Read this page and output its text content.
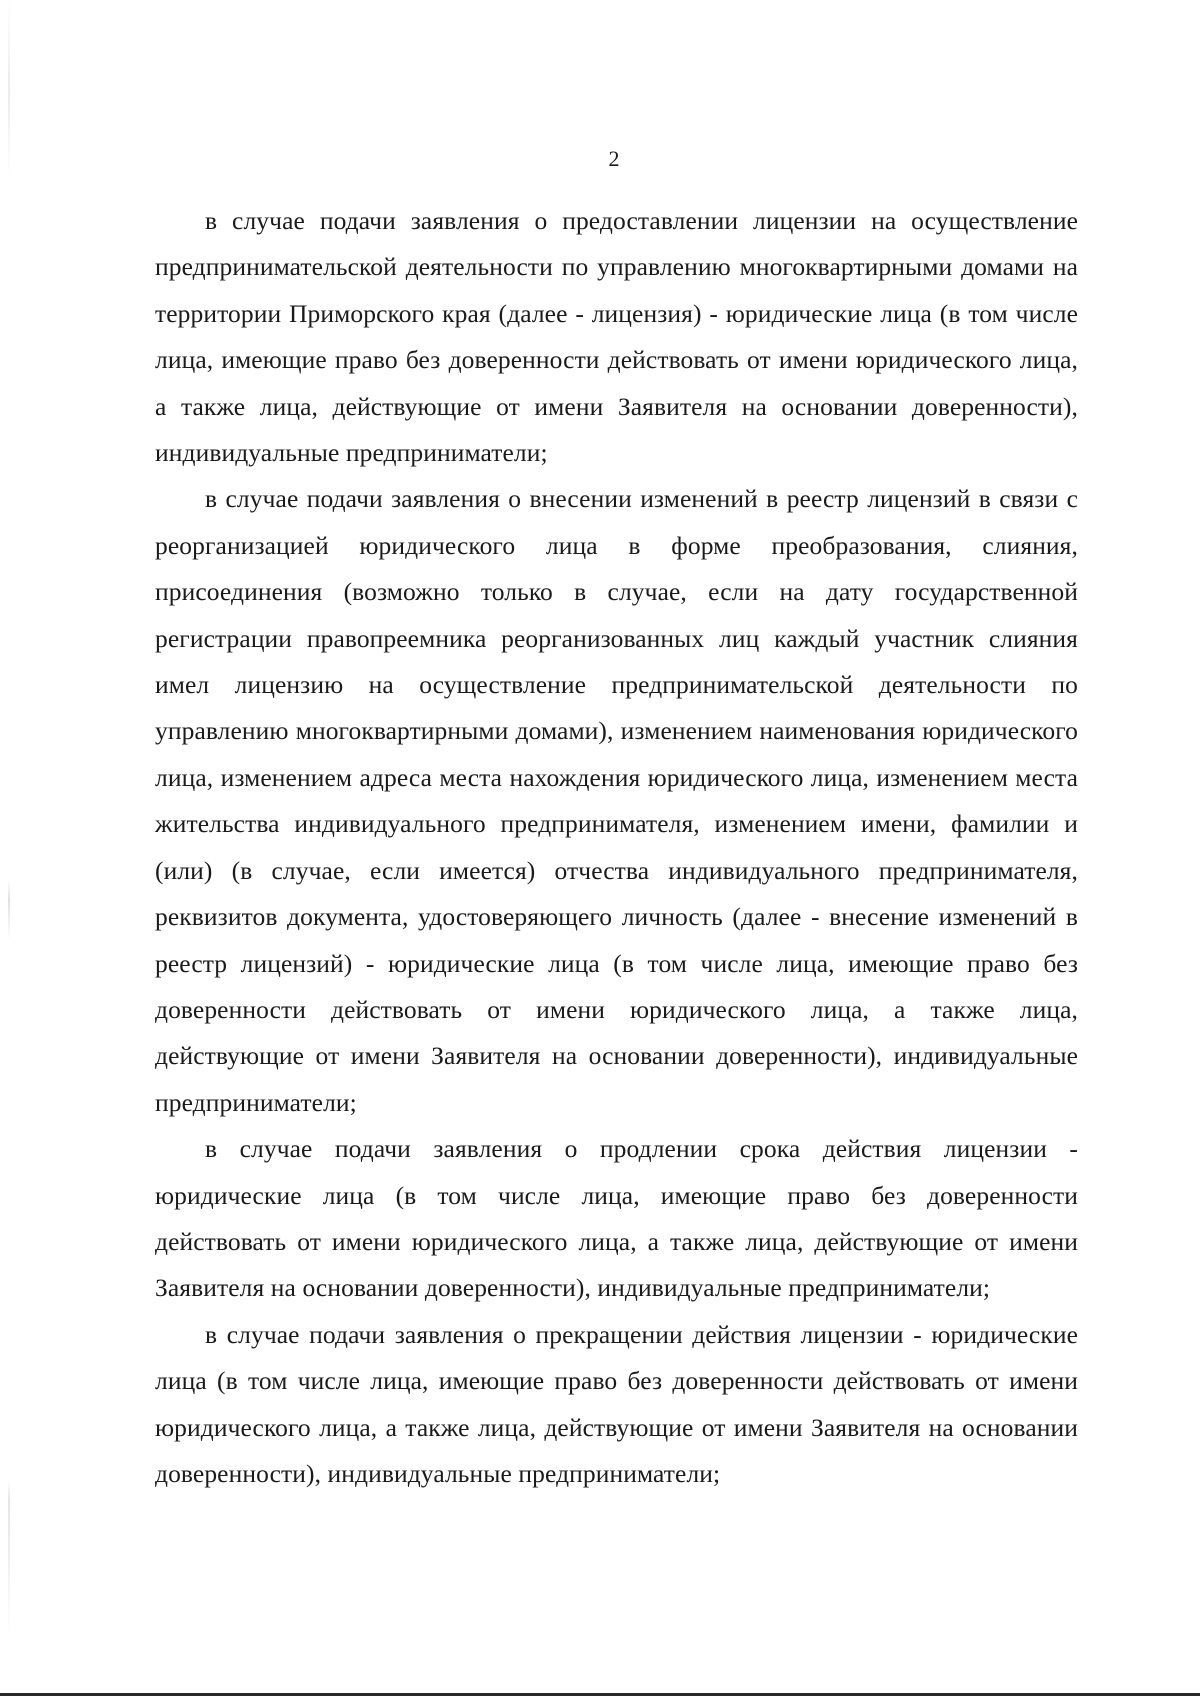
2

в случае подачи заявления о предоставлении лицензии на осуществление предпринимательской деятельности по управлению многоквартирными домами на территории Приморского края (далее - лицензия) - юридические лица (в том числе лица, имеющие право без доверенности действовать от имени юридического лица, а также лица, действующие от имени Заявителя на основании доверенности), индивидуальные предприниматели;

в случае подачи заявления о внесении изменений в реестр лицензий в связи с реорганизацией юридического лица в форме преобразования, слияния, присоединения (возможно только в случае, если на дату государственной регистрации правопреемника реорганизованных лиц каждый участник слияния имел лицензию на осуществление предпринимательской деятельности по управлению многоквартирными домами), изменением наименования юридического лица, изменением адреса места нахождения юридического лица, изменением места жительства индивидуального предпринимателя, изменением имени, фамилии и (или) (в случае, если имеется) отчества индивидуального предпринимателя, реквизитов документа, удостоверяющего личность (далее - внесение изменений в реестр лицензий) - юридические лица (в том числе лица, имеющие право без доверенности действовать от имени юридического лица, а также лица, действующие от имени Заявителя на основании доверенности), индивидуальные предприниматели;

в случае подачи заявления о продлении срока действия лицензии - юридические лица (в том числе лица, имеющие право без доверенности действовать от имени юридического лица, а также лица, действующие от имени Заявителя на основании доверенности), индивидуальные предприниматели;

в случае подачи заявления о прекращении действия лицензии - юридические лица (в том числе лица, имеющие право без доверенности действовать от имени юридического лица, а также лица, действующие от имени Заявителя на основании доверенности), индивидуальные предприниматели;
